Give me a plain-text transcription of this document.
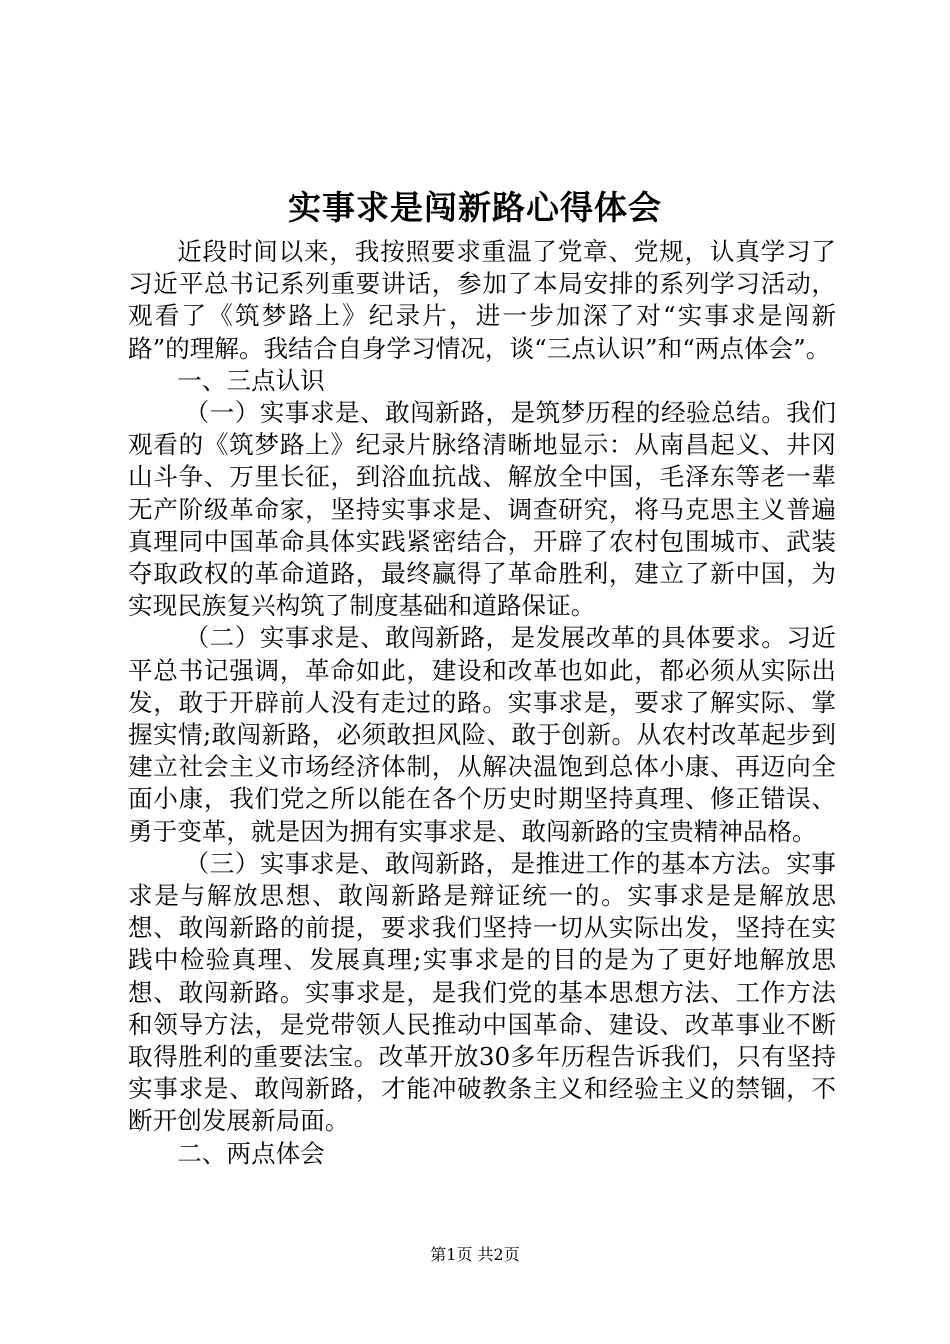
实事求是闯新路心得体会

近段时间以来，我按照要求重温了党章、党规，认真学习了习近平总书记系列重要讲话，参加了本局安排的系列学习活动，观看了《筑梦路上》纪录片，进一步加深了对“实事求是闯新路”的理解。我结合自身学习情况，谈“三点认识”和“两点体会”。

一、三点认识

（一）实事求是、敢闯新路，是筑梦历程的经验总结。我们观看的《筑梦路上》纪录片脉络清晰地显示：从南昌起义、井冈山斗争、万里长征，到浴血抗战、解放全中国，毛泽东等老一辈无产阶级革命家，坚持实事求是、调查研究，将马克思主义普遍真理同中国革命具体实践紧密结合，开辟了农村包围城市、武装夺取政权的革命道路，最终赢得了革命胜利，建立了新中国，为实现民族复兴构筑了制度基础和道路保证。

（二）实事求是、敢闯新路，是发展改革的具体要求。习近平总书记强调，革命如此，建设和改革也如此，都必须从实际出发，敢于开辟前人没有走过的路。实事求是，要求了解实际、掌握实情;敢闯新路，必须敢担风险、敢于创新。从农村改革起步到建立社会主义市场经济体制，从解决温饱到总体小康、再迈向全面小康，我们党之所以能在各个历史时期坚持真理、修正错误、勇于变革，就是因为拥有实事求是、敢闯新路的宝贵精神品格。

（三）实事求是、敢闯新路，是推进工作的基本方法。实事求是与解放思想、敢闯新路是辩证统一的。实事求是是解放思想、敢闯新路的前提，要求我们坚持一切从实际出发，坚持在实践中检验真理、发展真理;实事求是的目的是为了更好地解放思想、敢闯新路。实事求是，是我们党的基本思想方法、工作方法和领导方法，是党带领人民推动中国革命、建设、改革事业不断取得胜利的重要法宝。改革开放30多年历程告诉我们，只有坚持实事求是、敢闯新路，才能冲破教条主义和经验主义的禁锢，不断开创发展新局面。

二、两点体会

第1页 共2页
